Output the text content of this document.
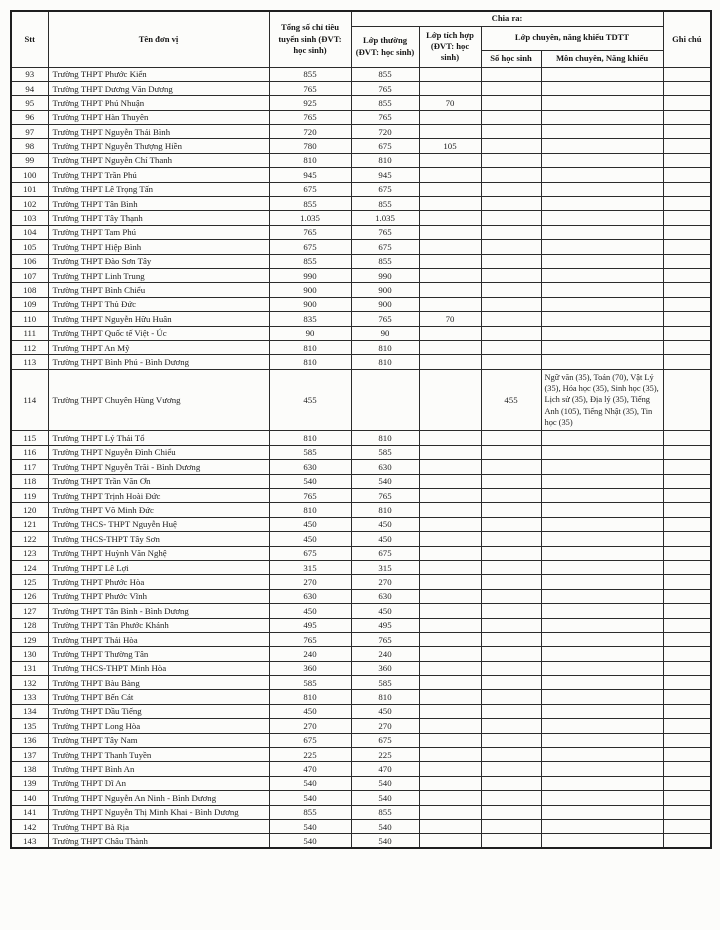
Stt	Tên đơn vị	Tổng số chỉ tiêu tuyển sinh (ĐVT: học sinh)	Chia ra:				Ghi chú
			Lớp thường (ĐVT: học sinh)	Lớp tích hợp (ĐVT: học sinh)	Lớp chuyên, năng khiếu TDTT		
					Số học sinh	Môn chuyên, Năng khiếu	
93	Trường THPT Phước Kiển	855	855				
94	Trường THPT Dương Văn Dương	765	765				
95	Trường THPT Phú Nhuận	925	855	70			
96	Trường THPT Hàn Thuyên	765	765				
97	Trường THPT Nguyễn Thái Bình	720	720				
98	Trường THPT Nguyễn Thượng Hiền	780	675	105			
99	Trường THPT Nguyễn Chí Thanh	810	810				
100	Trường THPT Trần Phú	945	945				
101	Trường THPT Lê Trọng Tấn	675	675				
102	Trường THPT Tân Bình	855	855				
103	Trường THPT Tây Thạnh	1.035	1.035				
104	Trường THPT Tam Phú	765	765				
105	Trường THPT Hiệp Bình	675	675				
106	Trường THPT Đào Sơn Tây	855	855				
107	Trường THPT Linh Trung	990	990				
108	Trường THPT Bình Chiểu	900	900				
109	Trường THPT Thủ Đức	900	900				
110	Trường THPT Nguyễn Hữu Huân	835	765	70			
111	Trường THPT Quốc tế Việt - Úc	90	90				
112	Trường THPT An Mỹ	810	810				
113	Trường THPT Bình Phú - Bình Dương	810	810				
114	Trường THPT Chuyên Hùng Vương	455			455	Ngữ văn (35), Toán (70), Vật Lý (35), Hóa học (35), Sinh học (35), Lịch sử (35), Địa lý (35), Tiếng Anh (105), Tiếng Nhật (35), Tin học (35)	
115	Trường THPT Lý Thái Tổ	810	810				
116	Trường THPT Nguyễn Đình Chiểu	585	585				
117	Trường THPT Nguyễn Trãi - Bình Dương	630	630				
118	Trường THPT Trần Văn Ơn	540	540				
119	Trường THPT Trịnh Hoài Đức	765	765				
120	Trường THPT Võ Minh Đức	810	810				
121	Trường THCS- THPT Nguyễn Huệ	450	450				
122	Trường THCS-THPT Tây Sơn	450	450				
123	Trường THPT Huỳnh Văn Nghệ	675	675				
124	Trường THPT Lê Lợi	315	315				
125	Trường THPT Phước Hòa	270	270				
126	Trường THPT Phước Vĩnh	630	630				
127	Trường THPT Tân Bình - Bình Dương	450	450				
128	Trường THPT Tân Phước Khánh	495	495				
129	Trường THPT Thái Hòa	765	765				
130	Trường THPT Thường Tân	240	240				
131	Trường THCS-THPT Minh Hòa	360	360				
132	Trường THPT Bàu Bàng	585	585				
133	Trường THPT Bến Cát	810	810				
134	Trường THPT Dầu Tiếng	450	450				
135	Trường THPT Long Hòa	270	270				
136	Trường THPT Tây Nam	675	675				
137	Trường THPT Thanh Tuyền	225	225				
138	Trường THPT Bình An	470	470				
139	Trường THPT Dĩ An	540	540				
140	Trường THPT Nguyễn An Ninh - Bình Dương	540	540				
141	Trường THPT Nguyễn Thị Minh Khai - Bình Dương	855	855				
142	Trường THPT Bà Rịa	540	540				
143	Trường THPT Châu Thành	540	540				
